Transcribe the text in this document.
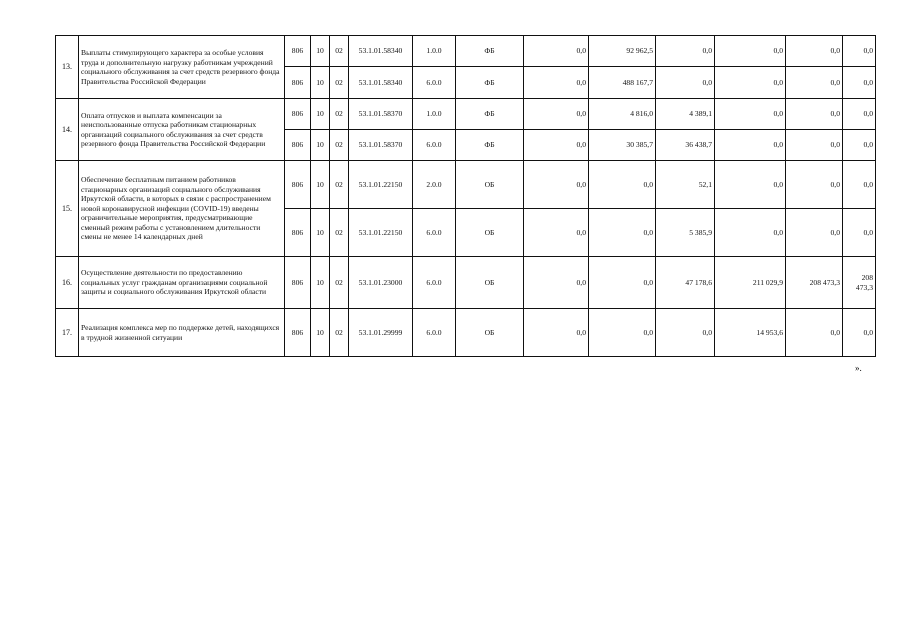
13.	Выплаты стимулирующего характера за особые условия труда и дополнительную нагрузку работникам учреждений социального обслуживания за счет средств резервного фонда Правительства Российской Федерации	806	10	02	53.1.01.58340	1.0.0	ФБ	0,0	92 962,5	0,0	0,0	0,0	0,0
		806	10	02	53.1.01.58340	6.0.0	ФБ	0,0	488 167,7	0,0	0,0	0,0	0,0
14.	Оплата отпусков и выплата компенсации за неиспользованные отпуска работникам стационарных организаций социального обслуживания за счет средств резервного фонда Правительства Российской Федерации	806	10	02	53.1.01.58370	1.0.0	ФБ	0,0	4 816,0	4 389,1	0,0	0,0	0,0
		806	10	02	53.1.01.58370	6.0.0	ФБ	0,0	30 385,7	36 438,7	0,0	0,0	0,0
15.	Обеспечение бесплатным питанием работников стационарных организаций социального обслуживания Иркутской области, в которых в связи с распространением новой коронавирусной инфекции (COVID-19) введены ограничительные мероприятия, предусматривающие сменный режим работы с установлением длительности смены не менее 14 календарных дней	806	10	02	53.1.01.22150	2.0.0	ОБ	0,0	0,0	52,1	0,0	0,0	0,0
		806	10	02	53.1.01.22150	6.0.0	ОБ	0,0	0,0	5 385,9	0,0	0,0	0,0
16.	Осуществление деятельности по предоставлению социальных услуг гражданам организациями социальной защиты и социального обслуживания Иркутской области	806	10	02	53.1.01.23000	6.0.0	ОБ	0,0	0,0	47 178,6	211 029,9	208 473,3	208 473,3
17.	Реализация комплекса мер по поддержке детей, находящихся в трудной жизненной ситуации	806	10	02	53.1.01.29999	6.0.0	ОБ	0,0	0,0	0,0	14 953,6	0,0	0,0
».
